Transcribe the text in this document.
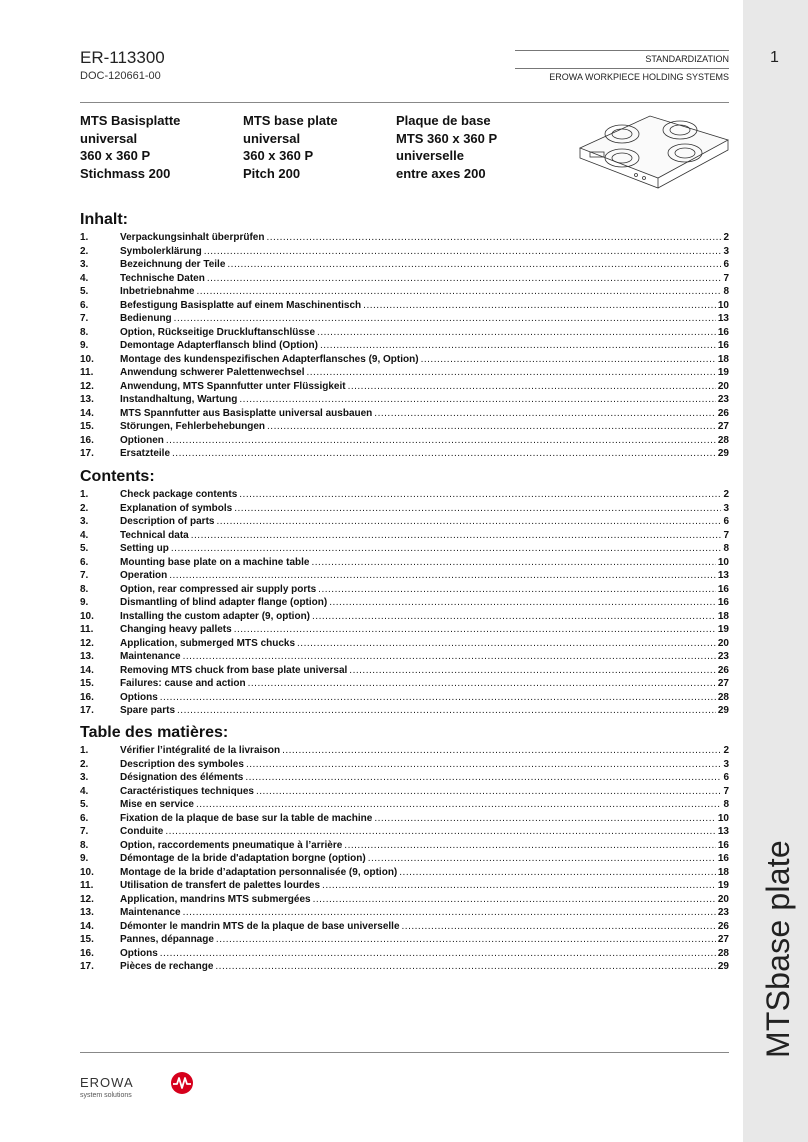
1
MTSbase plate
ER-113300
DOC-120661-00
STANDARDIZATION
EROWA WORKPIECE HOLDING SYSTEMS
MTS Basisplatte
universal
360 x 360 P
Stichmass 200
MTS base plate
universal
360 x 360 P
Pitch 200
Plaque de base
MTS 360 x 360 P
universelle
entre axes 200
Inhalt:
1.	Verpackungsinhalt überprüfen .....	2
2.	Symbolerklärung .....	3
3.	Bezeichnung der Teile .....	6
4.	Technische Daten .....	7
5.	Inbetriebnahme .....	8
6.	Befestigung Basisplatte auf einem Maschinentisch .....	10
7.	Bedienung .....	13
8.	Option, Rückseitige Druckluftanschlüsse .....	16
9.	Demontage Adapterflansch blind (Option) .....	16
10.	Montage des kundenspezifischen Adapterflansches (9, Option) .....	18
11.	Anwendung schwerer Palettenwechsel .....	19
12.	Anwendung, MTS Spannfutter unter Flüssigkeit .....	20
13.	Instandhaltung, Wartung .....	23
14.	MTS Spannfutter aus Basisplatte universal ausbauen .....	26
15.	Störungen, Fehlerbehebungen .....	27
16.	Optionen .....	28
17.	Ersatzteile .....	29
Contents:
1.	Check package contents .....	2
2.	Explanation of symbols .....	3
3.	Description of parts .....	6
4.	Technical data .....	7
5.	Setting up .....	8
6.	Mounting base plate on a machine table .....	10
7.	Operation .....	13
8.	Option, rear compressed air supply ports .....	16
9.	Dismantling of blind adapter flange (option) .....	16
10.	Installing the custom adapter (9, option) .....	18
11.	Changing heavy pallets .....	19
12.	Application, submerged MTS chucks .....	20
13.	Maintenance .....	23
14.	Removing MTS chuck from base plate universal .....	26
15.	Failures: cause and action .....	27
16.	Options .....	28
17.	Spare parts .....	29
Table des matières:
1.	Vérifier l’intégralité de la livraison .....	2
2.	Description des symboles .....	3
3.	Désignation des éléments .....	6
4.	Caractéristiques techniques .....	7
5.	Mise en service .....	8
6.	Fixation de la plaque de base sur la table de machine .....	10
7.	Conduite .....	13
8.	Option, raccordements pneumatique à l’arrière .....	16
9.	Démontage de la bride d'adaptation borgne (option) .....	16
10.	Montage de la bride d’adaptation personnalisée (9, option) .....	18
11.	Utilisation de transfert de palettes lourdes .....	19
12.	Application, mandrins MTS submergées .....	20
13.	Maintenance .....	23
14.	Démonter le mandrin MTS de la plaque de base universelle .....	26
15.	Pannes, dépannage .....	27
16.	Options .....	28
17.	Pièces de rechange .....	29
EROWA
system solutions
